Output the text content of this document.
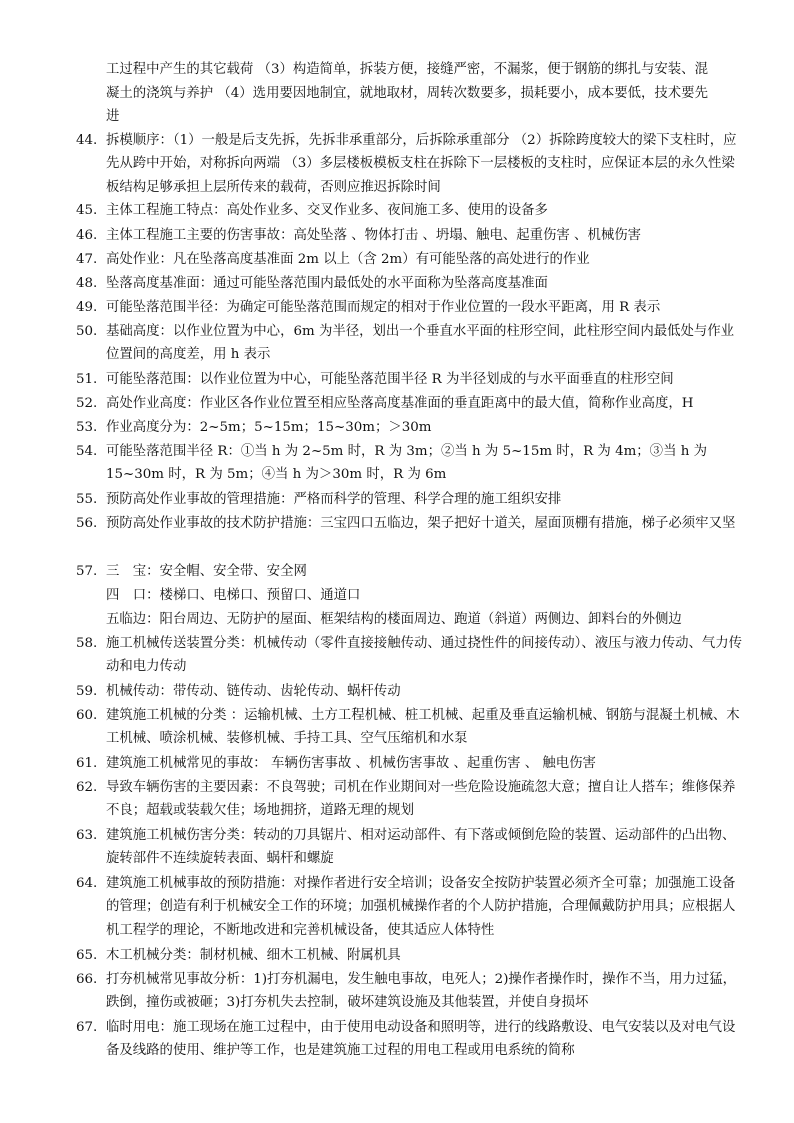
工过程中产生的其它载荷 （3）构造简单，拆装方便，接缝严密，不漏浆，便于钢筋的绑扎与安装、混
凝土的浇筑与养护 （4）选用要因地制宜，就地取材，周转次数要多，损耗要小，成本要低，技术要先
进
44. 拆模顺序：（1）一般是后支先拆，先拆非承重部分，后拆除承重部分 （2）拆除跨度较大的梁下支柱时，应先从跨中开始，对称拆向两端 （3）多层楼板模板支柱在拆除下一层楼板的支柱时，应保证本层的永久性梁板结构足够承担上层所传来的载荷，否则应推迟拆除时间
45. 主体工程施工特点：高处作业多、交叉作业多、夜间施工多、使用的设备多
46. 主体工程施工主要的伤害事故：高处坠落 、物体打击 、坍塌、触电、起重伤害 、机械伤害
47. 高处作业：凡在坠落高度基准面 2m 以上（含 2m）有可能坠落的高处进行的作业
48. 坠落高度基准面：通过可能坠落范围内最低处的水平面称为坠落高度基准面
49. 可能坠落范围半径：为确定可能坠落范围而规定的相对于作业位置的一段水平距离，用 R 表示
50. 基础高度：以作业位置为中心，6m 为半径，划出一个垂直水平面的柱形空间，此柱形空间内最低处与作业位置间的高度差，用 h 表示
51. 可能坠落范围：以作业位置为中心，可能坠落范围半径 R 为半径划成的与水平面垂直的柱形空间
52. 高处作业高度：作业区各作业位置至相应坠落高度基准面的垂直距离中的最大值，简称作业高度，H
53. 作业高度分为：2~5m；5~15m；15~30m；＞30m
54. 可能坠落范围半径 R：①当 h 为 2~5m 时，R 为 3m；②当 h 为 5~15m 时，R 为 4m；③当 h 为 15~30m 时，R 为 5m；④当 h 为＞30m 时，R 为 6m
55. 预防高处作业事故的管理措施：严格而科学的管理、科学合理的施工组织安排
56. 预防高处作业事故的技术防护措施：三宝四口五临边，架子把好十道关，屋面顶棚有措施，梯子必须牢又坚
57. 三　宝：安全帽、安全带、安全网
四　口：楼梯口、电梯口、预留口、通道口
五临边：阳台周边、无防护的屋面、框架结构的楼面周边、跑道（斜道）两侧边、卸料台的外侧边
58. 施工机械传送装置分类：机械传动（零件直接接触传动、通过挠性件的间接传动）、液压与液力传动、气力传动和电力传动
59. 机械传动：带传动、链传动、齿轮传动、蜗杆传动
60. 建筑施工机械的分类 ：运输机械、土方工程机械、桩工机械、起重及垂直运输机械、钢筋与混凝土机械、木工机械、喷涂机械、装修机械、手持工具、空气压缩机和水泵
61. 建筑施工机械常见的事故： 车辆伤害事故 、机械伤害事故 、起重伤害 、 触电伤害
62. 导致车辆伤害的主要因素：不良驾驶；司机在作业期间对一些危险设施疏忽大意；擅自让人搭车；维修保养不良；超载或装载欠佳；场地拥挤，道路无理的规划
63. 建筑施工机械伤害分类：转动的刀具锯片、相对运动部件、有下落或倾倒危险的装置、运动部件的凸出物、旋转部件不连续旋转表面、蜗杆和螺旋
64. 建筑施工机械事故的预防措施：对操作者进行安全培训；设备安全按防护装置必须齐全可靠；加强施工设备的管理；创造有利于机械安全工作的环境；加强机械操作者的个人防护措施，合理佩戴防护用具；应根据人机工程学的理论，不断地改进和完善机械设备，使其适应人体特性
65. 木工机械分类：制材机械、细木工机械、附属机具
66. 打夯机械常见事故分析：1)打夯机漏电，发生触电事故，电死人；2)操作者操作时，操作不当，用力过猛，跌倒，撞伤或被砸；3)打夯机失去控制，破坏建筑设施及其他装置，并使自身损坏
67. 临时用电：施工现场在施工过程中，由于使用电动设备和照明等，进行的线路敷设、电气安装以及对电气设备及线路的使用、维护等工作，也是建筑施工过程的用电工程或用电系统的简称
